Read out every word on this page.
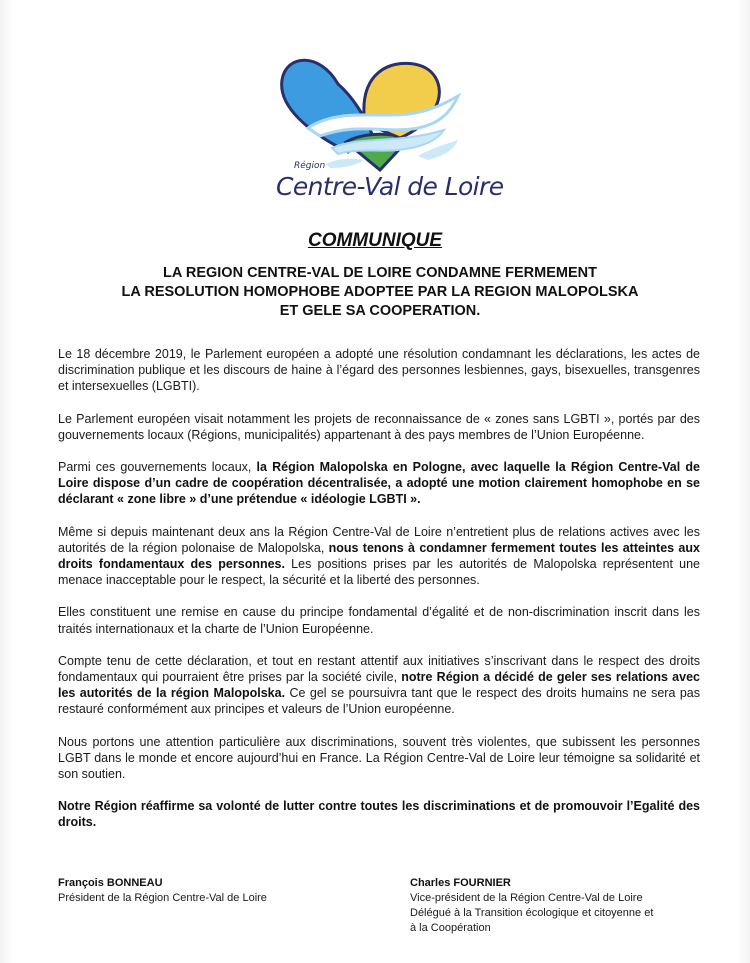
Région
Centre-Val de Loire
COMMUNIQUE
LA REGION CENTRE-VAL DE LOIRE CONDAMNE FERMEMENT
LA RESOLUTION HOMOPHOBE ADOPTEE PAR LA REGION MALOPOLSKA
ET GELE SA COOPERATION.

Le 18 décembre 2019, le Parlement européen a adopté une résolution condamnant les déclarations, les actes de discrimination publique et les discours de haine à l’égard des personnes lesbiennes, gays, bisexuelles, transgenres et intersexuelles (LGBTI).

Le Parlement européen visait notamment les projets de reconnaissance de « zones sans LGBTI », portés par des gouvernements locaux (Régions, municipalités) appartenant à des pays membres de l’Union Européenne.

Parmi ces gouvernements locaux, la Région Malopolska en Pologne, avec laquelle la Région Centre-Val de Loire dispose d’un cadre de coopération décentralisée, a adopté une motion clairement homophobe en se déclarant « zone libre » d’une prétendue « idéologie LGBTI ».

Même si depuis maintenant deux ans la Région Centre-Val de Loire n’entretient plus de relations actives avec les autorités de la région polonaise de Malopolska, nous tenons à condamner fermement toutes les atteintes aux droits fondamentaux des personnes. Les positions prises par les autorités de Malopolska représentent une menace inacceptable pour le respect, la sécurité et la liberté des personnes.

Elles constituent une remise en cause du principe fondamental d’égalité et de non-discrimination inscrit dans les traités internationaux et la charte de l’Union Européenne.

Compte tenu de cette déclaration, et tout en restant attentif aux initiatives s’inscrivant dans le respect des droits fondamentaux qui pourraient être prises par la société civile, notre Région a décidé de geler ses relations avec les autorités de la région Malopolska. Ce gel se poursuivra tant que le respect des droits humains ne sera pas restauré conformément aux principes et valeurs de l’Union européenne.

Nous portons une attention particulière aux discriminations, souvent très violentes, que subissent les personnes LGBT dans le monde et encore aujourd’hui en France. La Région Centre-Val de Loire leur témoigne sa solidarité et son soutien.

Notre Région réaffirme sa volonté de lutter contre toutes les discriminations et de promouvoir l’Egalité des droits.

François BONNEAU
Président de la Région Centre-Val de Loire
Charles FOURNIER
Vice-président de la Région Centre-Val de Loire
Délégué à la Transition écologique et citoyenne et
à la Coopération
